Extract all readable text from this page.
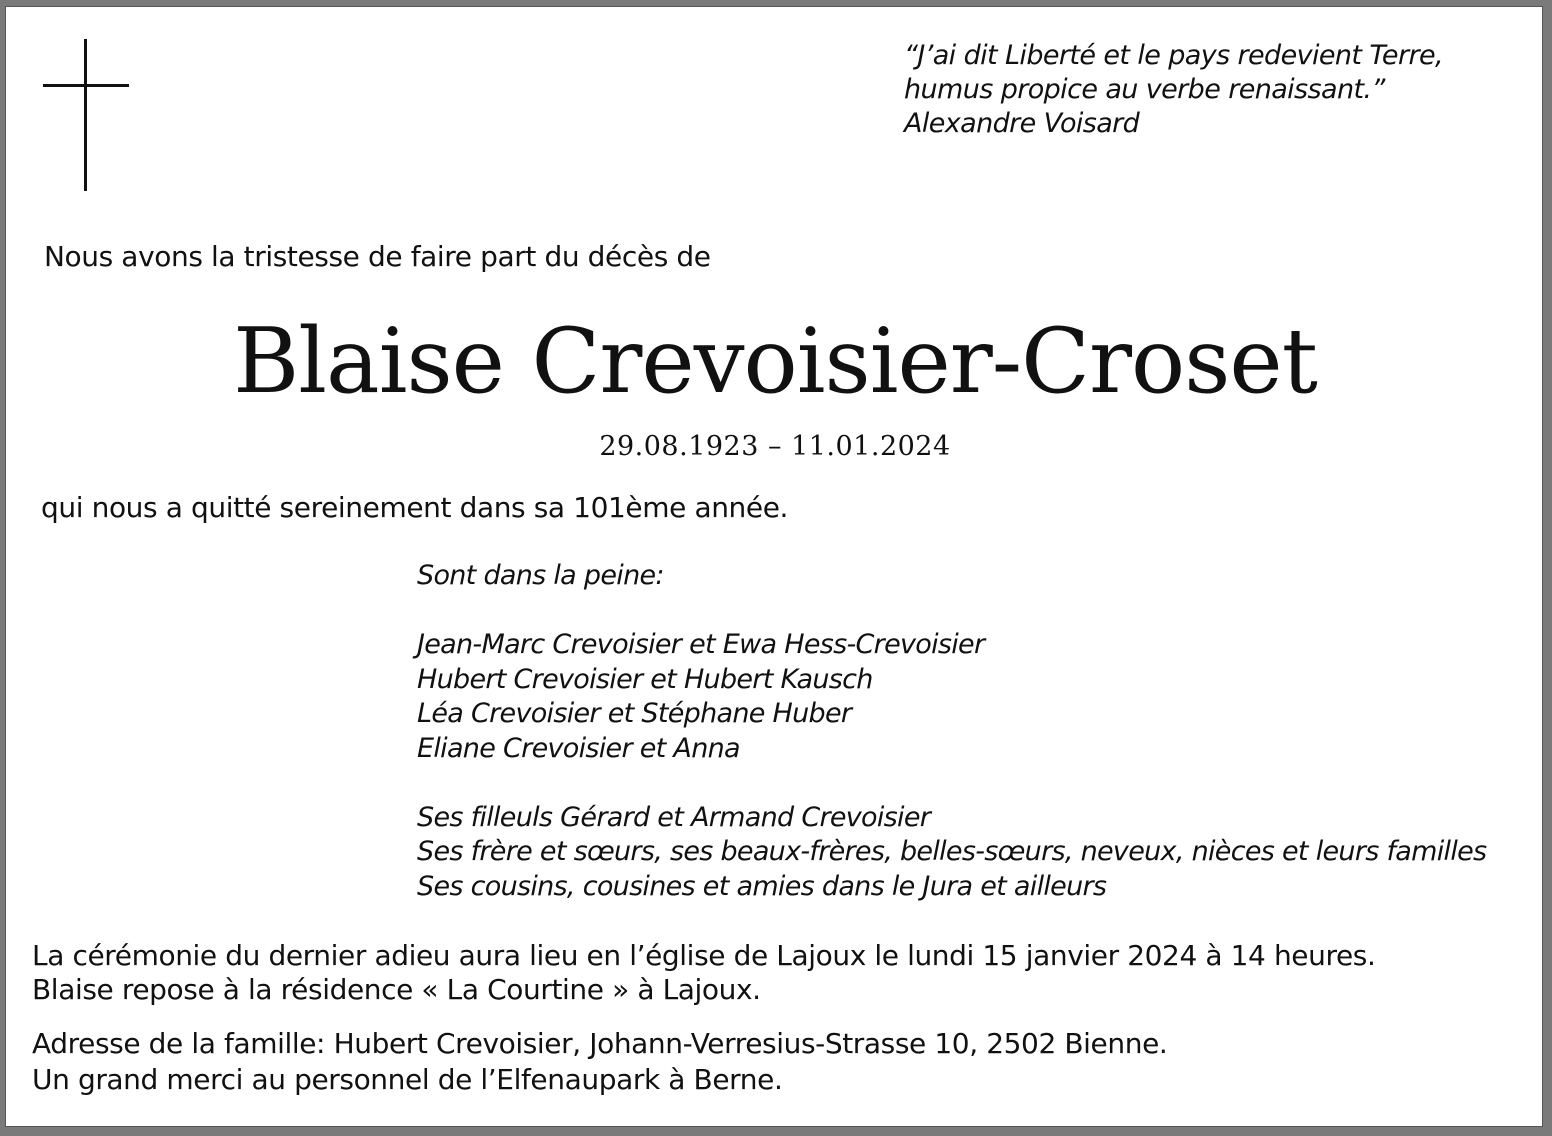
“J’ai dit Liberté et le pays redevient Terre,
humus propice au verbe renaissant.”
Alexandre Voisard
Nous avons la tristesse de faire part du décès de
Blaise Crevoisier-Croset
29.08.1923 – 11.01.2024
qui nous a quitté sereinement dans sa 101ème année.
Sont dans la peine:
Jean-Marc Crevoisier et Ewa Hess-Crevoisier
Hubert Crevoisier et Hubert Kausch
Léa Crevoisier et Stéphane Huber
Eliane Crevoisier et Anna
Ses filleuls Gérard et Armand Crevoisier
Ses frère et sœurs, ses beaux-frères, belles-sœurs, neveux, nièces et leurs familles
Ses cousins, cousines et amies dans le Jura et ailleurs
La cérémonie du dernier adieu aura lieu en l’église de Lajoux le lundi 15 janvier 2024 à 14 heures.
Blaise repose à la résidence « La Courtine » à Lajoux.
Adresse de la famille: Hubert Crevoisier, Johann-Verresius-Strasse 10, 2502 Bienne.
Un grand merci au personnel de l’Elfenaupark à Berne.
